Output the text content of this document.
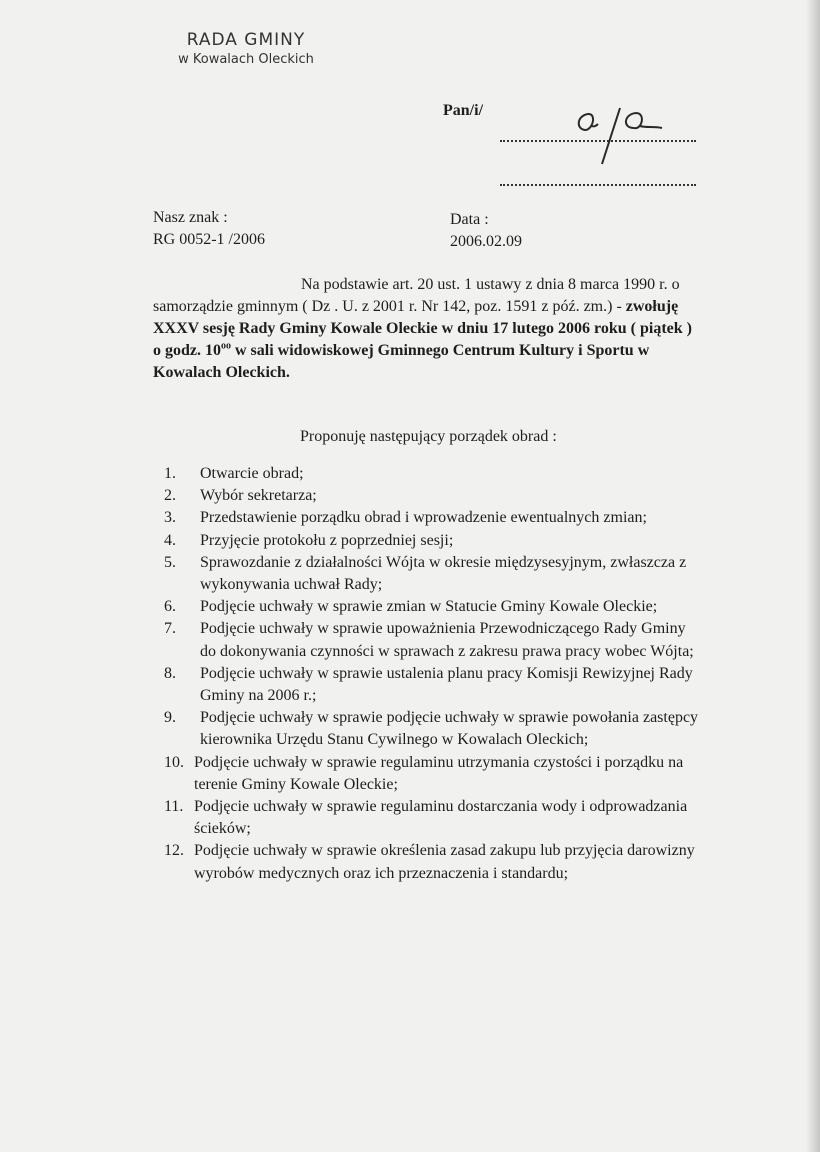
RADA GMINY
w Kowalach Oleckich
Pan/i/
Nasz znak :
RG 0052-1 /2006
Data :
2006.02.09

Na podstawie art. 20 ust. 1 ustawy z dnia 8 marca 1990 r. o samorządzie gminnym ( Dz . U. z 2001 r. Nr 142, poz. 1591 z póź. zm.) - zwołuję XXXV sesję Rady Gminy Kowale Oleckie w dniu 17 lutego 2006 roku ( piątek ) o godz. $10^{oo}$ w sali widowiskowej Gminnego Centrum Kultury i Sportu w Kowalach Oleckich.

Proponuję następujący porządek obrad :
1.	Otwarcie obrad;
2.	Wybór sekretarza;
3.	Przedstawienie porządku obrad i wprowadzenie ewentualnych zmian;
4.	Przyjęcie protokołu z poprzedniej sesji;
5.	Sprawozdanie z działalności Wójta w okresie międzysesyjnym, zwłaszcza z wykonywania uchwał Rady;
6.	Podjęcie uchwały w sprawie zmian w Statucie Gminy Kowale Oleckie;
7.	Podjęcie uchwały w sprawie upoważnienia Przewodniczącego Rady Gminy do dokonywania czynności w sprawach z zakresu prawa pracy wobec Wójta;
8.	Podjęcie uchwały w sprawie ustalenia planu pracy Komisji Rewizyjnej Rady Gminy na 2006 r.;
9.	Podjęcie uchwały w sprawie podjęcie uchwały w sprawie powołania zastępcy kierownika Urzędu Stanu Cywilnego w Kowalach Oleckich;
10. Podjęcie uchwały w sprawie regulaminu utrzymania czystości i porządku na terenie Gminy Kowale Oleckie;
11. Podjęcie uchwały w sprawie regulaminu dostarczania wody i odprowadzania ścieków;
12. Podjęcie uchwały w sprawie określenia zasad zakupu lub przyjęcia darowizny wyrobów medycznych oraz ich przeznaczenia i standardu;
